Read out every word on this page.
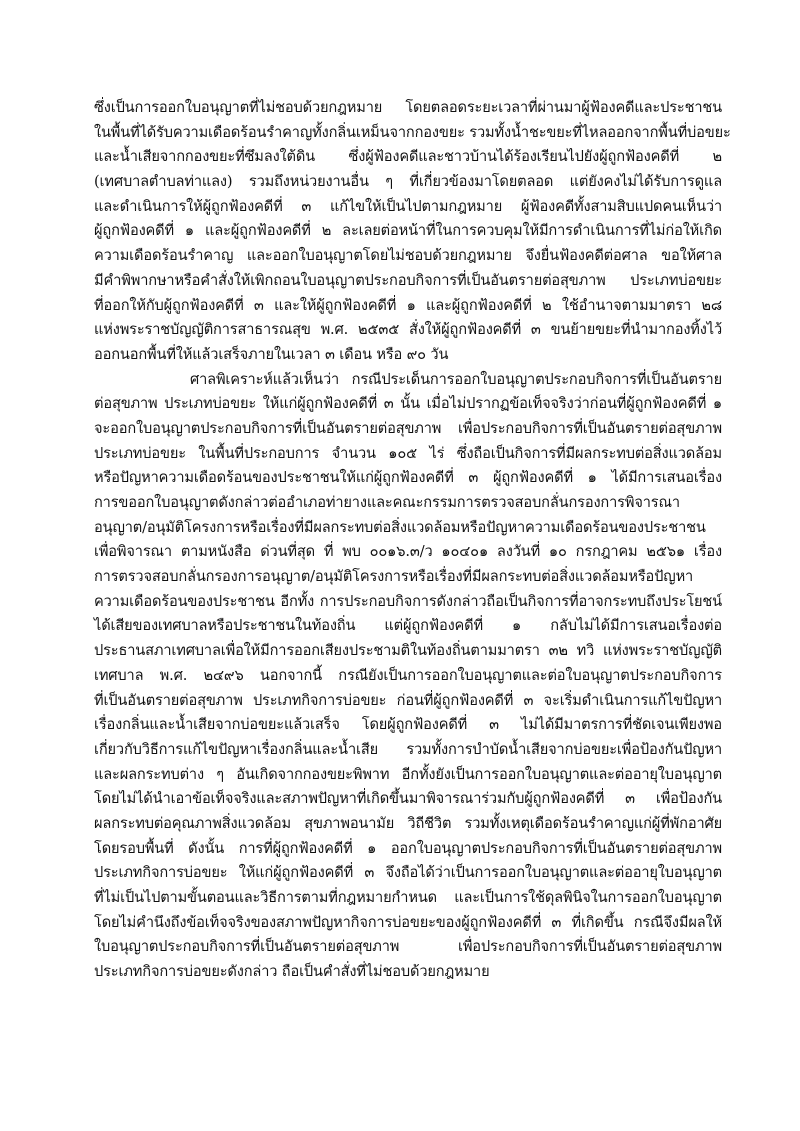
ซึ่งเป็นการออกใบอนุญาตที่ไม่ชอบด้วยกฎหมาย โดยตลอดระยะเวลาที่ผ่านมาผู้ฟ้องคดีและประชาชน
ในพื้นที่ได้รับความเดือดร้อนรำคาญทั้งกลิ่นเหม็นจากกองขยะ รวมทั้งน้ำชะขยะที่ไหลออกจากพื้นที่บ่อขยะ
และน้ำเสียจากกองขยะที่ซึมลงใต้ดิน ซึ่งผู้ฟ้องคดีและชาวบ้านได้ร้องเรียนไปยังผู้ถูกฟ้องคดีที่ ๒
(เทศบาลตำบลท่าแลง) รวมถึงหน่วยงานอื่น ๆ ที่เกี่ยวข้องมาโดยตลอด แต่ยังคงไม่ได้รับการดูแล
และดำเนินการให้ผู้ถูกฟ้องคดีที่ ๓ แก้ไขให้เป็นไปตามกฎหมาย ผู้ฟ้องคดีทั้งสามสิบแปดคนเห็นว่า
ผู้ถูกฟ้องคดีที่ ๑ และผู้ถูกฟ้องคดีที่ ๒ ละเลยต่อหน้าที่ในการควบคุมให้มีการดำเนินการที่ไม่ก่อให้เกิด
ความเดือดร้อนรำคาญ และออกใบอนุญาตโดยไม่ชอบด้วยกฎหมาย จึงยื่นฟ้องคดีต่อศาล ขอให้ศาล
มีคำพิพากษาหรือคำสั่งให้เพิกถอนใบอนุญาตประกอบกิจการที่เป็นอันตรายต่อสุขภาพ ประเภทบ่อขยะ
ที่ออกให้กับผู้ถูกฟ้องคดีที่ ๓ และให้ผู้ถูกฟ้องคดีที่ ๑ และผู้ถูกฟ้องคดีที่ ๒ ใช้อำนาจตามมาตรา ๒๘
แห่งพระราชบัญญัติการสาธารณสุข พ.ศ. ๒๕๓๕ สั่งให้ผู้ถูกฟ้องคดีที่ ๓ ขนย้ายขยะที่นำมากองทิ้งไว้
ออกนอกพื้นที่ให้แล้วเสร็จภายในเวลา ๓ เดือน หรือ ๙๐ วัน
ศาลพิเคราะห์แล้วเห็นว่า กรณีประเด็นการออกใบอนุญาตประกอบกิจการที่เป็นอันตราย
ต่อสุขภาพ ประเภทบ่อขยะ ให้แก่ผู้ถูกฟ้องคดีที่ ๓ นั้น เมื่อไม่ปรากฏข้อเท็จจริงว่าก่อนที่ผู้ถูกฟ้องคดีที่ ๑
จะออกใบอนุญาตประกอบกิจการที่เป็นอันตรายต่อสุขภาพ เพื่อประกอบกิจการที่เป็นอันตรายต่อสุขภาพ
ประเภทบ่อขยะ ในพื้นที่ประกอบการ จำนวน ๑๐๕ ไร่ ซึ่งถือเป็นกิจการที่มีผลกระทบต่อสิ่งแวดล้อม
หรือปัญหาความเดือดร้อนของประชาชนให้แก่ผู้ถูกฟ้องคดีที่ ๓ ผู้ถูกฟ้องคดีที่ ๑ ได้มีการเสนอเรื่อง
การขออกใบอนุญาตดังกล่าวต่ออำเภอท่ายางและคณะกรรมการตรวจสอบกลั่นกรองการพิจารณา
อนุญาต/อนุมัติโครงการหรือเรื่องที่มีผลกระทบต่อสิ่งแวดล้อมหรือปัญหาความเดือดร้อนของประชาชน
เพื่อพิจารณา ตามหนังสือ ด่วนที่สุด ที่ พบ ๐๐๑๖.๓/ว ๑๐๔๐๑ ลงวันที่ ๑๐ กรกฎาคม ๒๕๖๑ เรื่อง
การตรวจสอบกลั่นกรองการอนุญาต/อนุมัติโครงการหรือเรื่องที่มีผลกระทบต่อสิ่งแวดล้อมหรือปัญหา
ความเดือดร้อนของประชาชน อีกทั้ง การประกอบกิจการดังกล่าวถือเป็นกิจการที่อาจกระทบถึงประโยชน์
ได้เสียของเทศบาลหรือประชาชนในท้องถิ่น แต่ผู้ถูกฟ้องคดีที่ ๑ กลับไม่ได้มีการเสนอเรื่องต่อ
ประธานสภาเทศบาลเพื่อให้มีการออกเสียงประชามติในท้องถิ่นตามมาตรา ๓๒ ทวิ แห่งพระราชบัญญัติ
เทศบาล พ.ศ. ๒๔๙๖ นอกจากนี้ กรณียังเป็นการออกใบอนุญาตและต่อใบอนุญาตประกอบกิจการ
ที่เป็นอันตรายต่อสุขภาพ ประเภทกิจการบ่อขยะ ก่อนที่ผู้ถูกฟ้องคดีที่ ๓ จะเริ่มดำเนินการแก้ไขปัญหา
เรื่องกลิ่นและน้ำเสียจากบ่อขยะแล้วเสร็จ โดยผู้ถูกฟ้องคดีที่ ๓ ไม่ได้มีมาตรการที่ชัดเจนเพียงพอ
เกี่ยวกับวิธีการแก้ไขปัญหาเรื่องกลิ่นและน้ำเสีย รวมทั้งการบำบัดน้ำเสียจากบ่อขยะเพื่อป้องกันปัญหา
และผลกระทบต่าง ๆ อันเกิดจากกองขยะพิพาท อีกทั้งยังเป็นการออกใบอนุญาตและต่ออายุใบอนุญาต
โดยไม่ได้นำเอาข้อเท็จจริงและสภาพปัญหาที่เกิดขึ้นมาพิจารณาร่วมกับผู้ถูกฟ้องคดีที่ ๓ เพื่อป้องกัน
ผลกระทบต่อคุณภาพสิ่งแวดล้อม สุขภาพอนามัย วิถีชีวิต รวมทั้งเหตุเดือดร้อนรำคาญแก่ผู้ที่พักอาศัย
โดยรอบพื้นที่ ดังนั้น การที่ผู้ถูกฟ้องคดีที่ ๑ ออกใบอนุญาตประกอบกิจการที่เป็นอันตรายต่อสุขภาพ
ประเภทกิจการบ่อขยะ ให้แก่ผู้ถูกฟ้องคดีที่ ๓ จึงถือได้ว่าเป็นการออกใบอนุญาตและต่ออายุใบอนุญาต
ที่ไม่เป็นไปตามขั้นตอนและวิธีการตามที่กฎหมายกำหนด และเป็นการใช้ดุลพินิจในการออกใบอนุญาต
โดยไม่คำนึงถึงข้อเท็จจริงของสภาพปัญหากิจการบ่อขยะของผู้ถูกฟ้องคดีที่ ๓ ที่เกิดขึ้น กรณีจึงมีผลให้
ใบอนุญาตประกอบกิจการที่เป็นอันตรายต่อสุขภาพ เพื่อประกอบกิจการที่เป็นอันตรายต่อสุขภาพ
ประเภทกิจการบ่อขยะดังกล่าว ถือเป็นคำสั่งที่ไม่ชอบด้วยกฎหมาย
